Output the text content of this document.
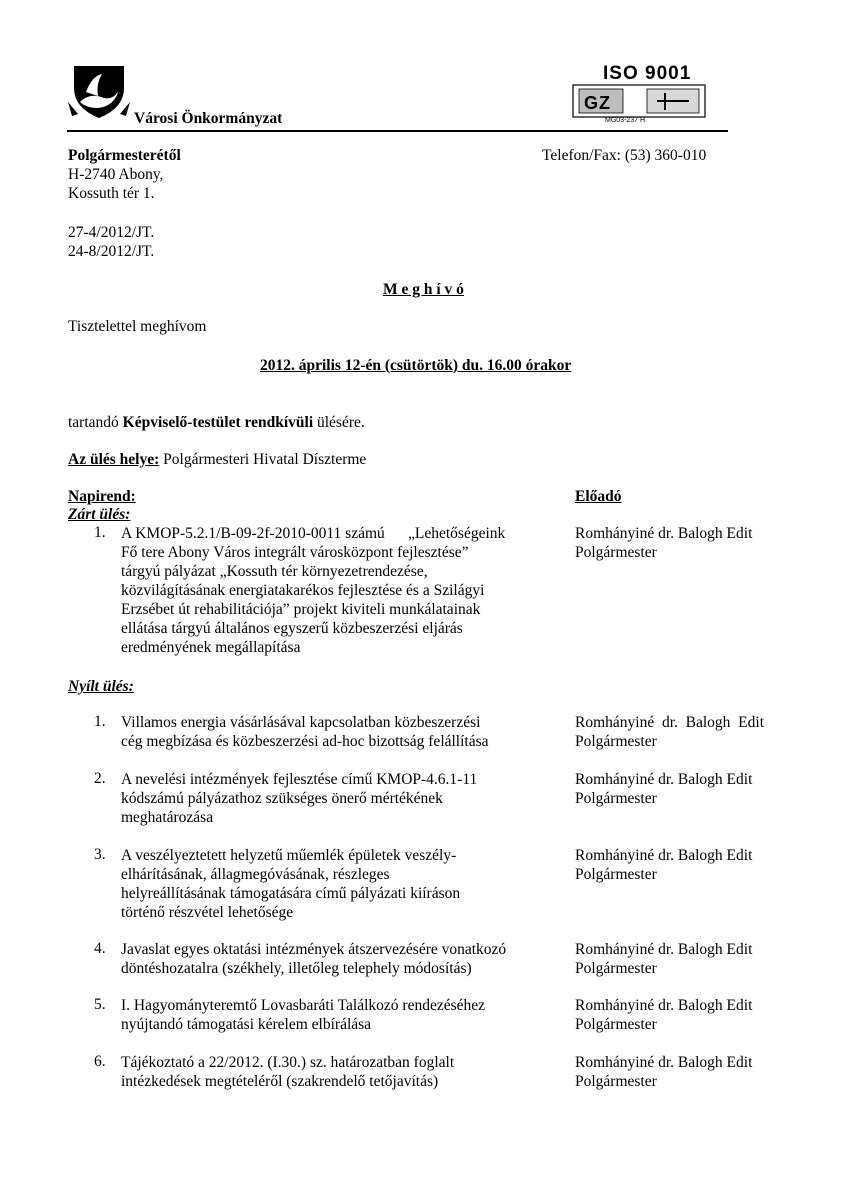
Városi Önkormányzat
ISO 9001
GZ
MG03-237 H
Polgármesterétől
H-2740 Abony,
Kossuth tér 1.
Telefon/Fax: (53) 360-010
27-4/2012/JT.
24-8/2012/JT.
M e g h í v ó
Tisztelettel meghívom
2012. április 12-én (csütörtök) du. 16.00 órakor
tartandó Képviselő-testület rendkívüli ülésére.
Az ülés helye: Polgármesteri Hivatal Díszterme
Napirend:	Előadó
Zárt ülés:
1. A KMOP-5.2.1/B-09-2f-2010-0011 számú      „Lehetőségeink
Fő tere Abony Város integrált városközpont fejlesztése”
tárgyú pályázat „Kossuth tér környezetrendezése,
közvilágításának energiatakarékos fejlesztése és a Szilágyi
Erzsébet út rehabilitációja” projekt kiviteli munkálatainak
ellátása tárgyú általános egyszerű közbeszerzési eljárás
eredményének megállapítása
Romhányiné dr. Balogh Edit
Polgármester
Nyílt ülés:
1. Villamos energia vásárlásával kapcsolatban közbeszerzési
cég megbízása és közbeszerzési ad-hoc bizottság felállítása
Romhányiné  dr.  Balogh  Edit
Polgármester
2. A nevelési intézmények fejlesztése című KMOP-4.6.1-11
kódszámú pályázathoz szükséges önerő mértékének
meghatározása
Romhányiné dr. Balogh Edit
Polgármester
3. A veszélyeztetett helyzetű műemlék épületek veszély-
elhárításának, állagmegóvásának, részleges
helyreállításának támogatására című pályázati kiíráson
történő részvétel lehetősége
Romhányiné dr. Balogh Edit
Polgármester
4. Javaslat egyes oktatási intézmények átszervezésére vonatkozó
döntéshozatalra (székhely, illetőleg telephely módosítás)
Romhányiné dr. Balogh Edit
Polgármester
5. I. Hagyományteremtő Lovasbaráti Találkozó rendezéséhez
nyújtandó támogatási kérelem elbírálása
Romhányiné dr. Balogh Edit
Polgármester
6. Tájékoztató a 22/2012. (I.30.) sz. határozatban foglalt
intézkedések megtételéről (szakrendelő tetőjavítás)
Romhányiné dr. Balogh Edit
Polgármester
